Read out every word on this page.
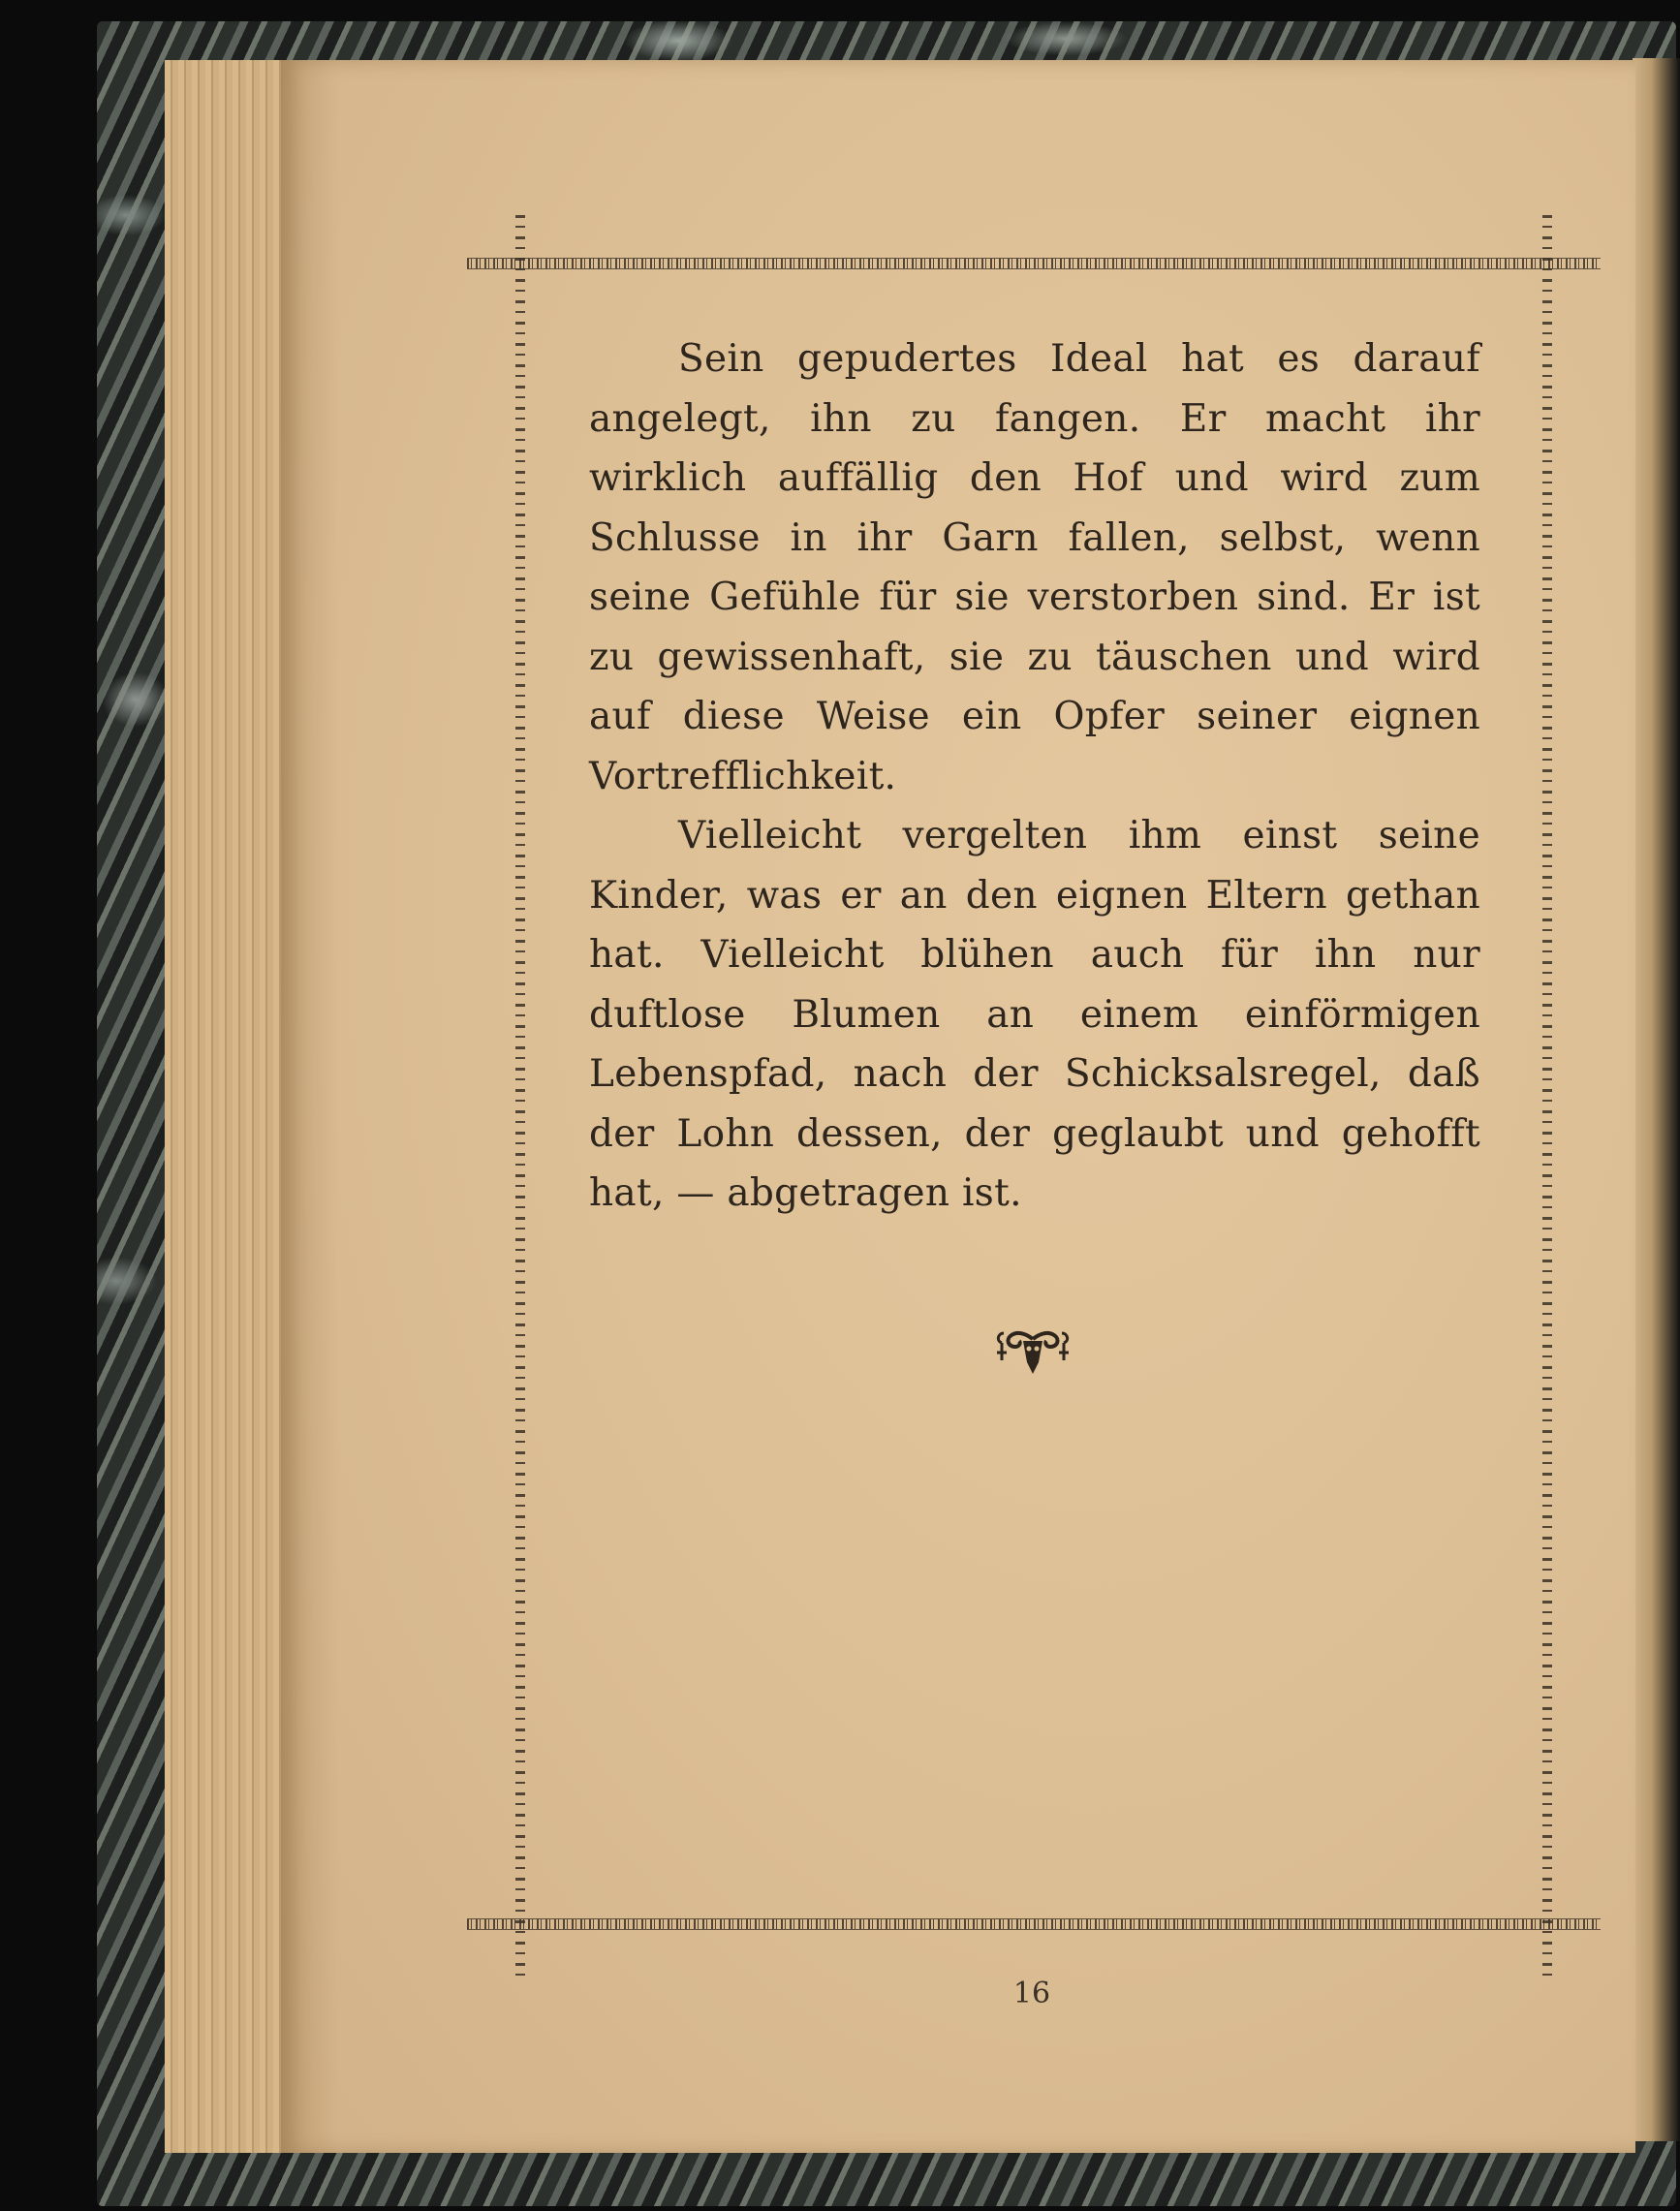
Sein gepudertes Ideal hat es darauf angelegt, ihn zu fangen. Er macht ihr wirklich auffällig den Hof und wird zum Schlusse in ihr Garn fallen, selbst, wenn seine Gefühle für sie verstorben sind. Er ist zu gewissenhaft, sie zu täuschen und wird auf diese Weise ein Opfer seiner eignen Vortrefflichkeit.

Vielleicht vergelten ihm einst seine Kinder, was er an den eignen Eltern gethan hat. Vielleicht blühen auch für ihn nur duftlose Blumen an einem einförmigen Lebenspfad, nach der Schicksalsregel, daß der Lohn dessen, der geglaubt und gehofft hat, — abgetragen ist.

16
